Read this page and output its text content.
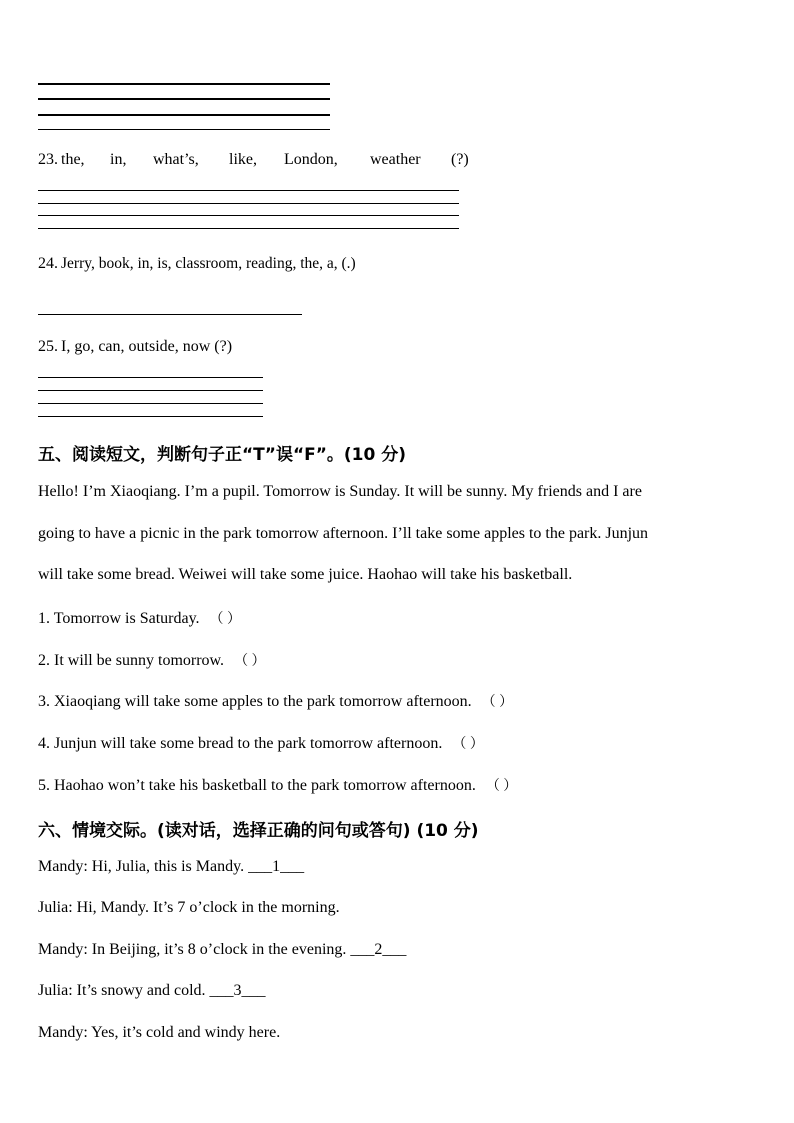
23. the, in, what’s, like, London, weather (?)
24. Jerry, book, in, is, classroom, reading, the, a, (.)
25. I, go, can, outside, now (?)
五、阅读短文，判断句子正“T”误“F”。(10 分)
Hello! I’m Xiaoqiang. I’m a pupil. Tomorrow is Sunday. It will be sunny. My friends and I are
going to have a picnic in the park tomorrow afternoon. I’ll take some apples to the park. Junjun
will take some bread. Weiwei will take some juice. Haohao will take his basketball.
1. Tomorrow is Saturday. （ ）
2. It will be sunny tomorrow. （ ）
3. Xiaoqiang will take some apples to the park tomorrow afternoon. （ ）
4. Junjun will take some bread to the park tomorrow afternoon. （ ）
5. Haohao won’t take his basketball to the park tomorrow afternoon. （ ）
六、情境交际。(读对话，选择正确的问句或答句) (10 分)
Mandy: Hi, Julia, this is Mandy. ___1___
Julia: Hi, Mandy. It’s 7 o’clock in the morning.
Mandy: In Beijing, it’s 8 o’clock in the evening. ___2___
Julia: It’s snowy and cold. ___3___
Mandy: Yes, it’s cold and windy here.
